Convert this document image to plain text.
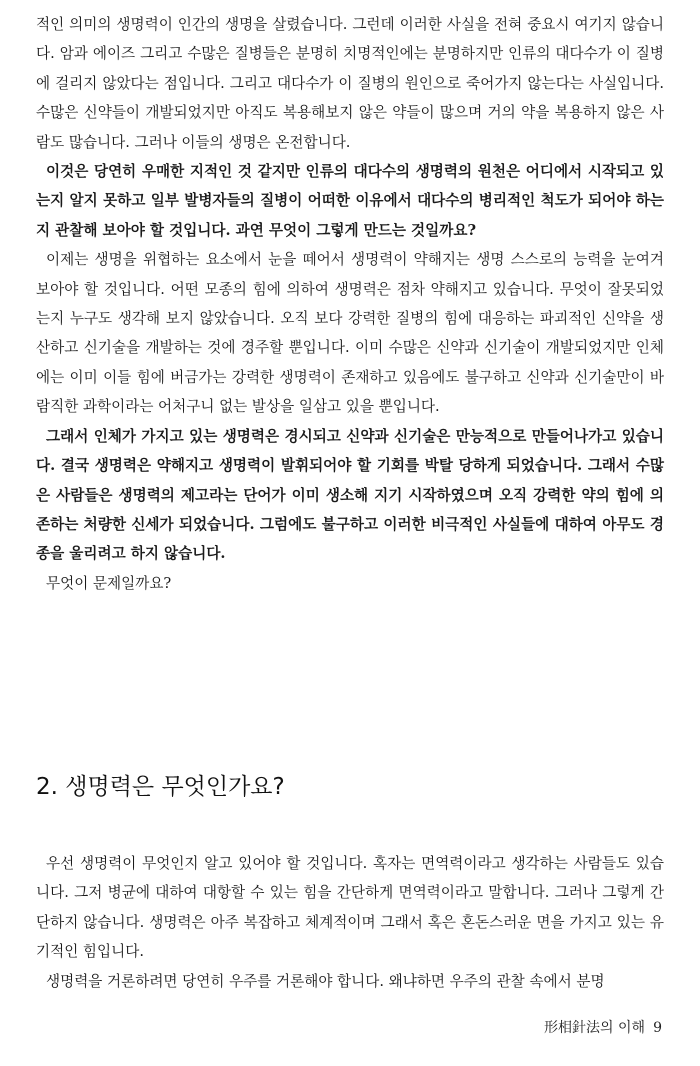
적인 의미의 생명력이 인간의 생명을 살렸습니다. 그런데 이러한 사실을 전혀 중요시 여기지 않습니다. 암과 에이즈 그리고 수많은 질병들은 분명히 치명적인에는 분명하지만 인류의 대다수가 이 질병에 걸리지 않았다는 점입니다. 그리고 대다수가 이 질병의 원인으로 죽어가지 않는다는 사실입니다. 수많은 신약들이 개발되었지만 아직도 복용해보지 않은 약들이 많으며 거의 약을 복용하지 않은 사람도 많습니다. 그러나 이들의 생명은 온전합니다.

이것은 당연히 우매한 지적인 것 같지만 인류의 대다수의 생명력의 원천은 어디에서 시작되고 있는지 알지 못하고 일부 발병자들의 질병이 어떠한 이유에서 대다수의 병리적인 척도가 되어야 하는지 관찰해 보아야 할 것입니다. 과연 무엇이 그렇게 만드는 것일까요?

이제는 생명을 위협하는 요소에서 눈을 떼어서 생명력이 약해지는 생명 스스로의 능력을 눈여겨 보아야 할 것입니다. 어떤 모종의 힘에 의하여 생명력은 점차 약해지고 있습니다. 무엇이 잘못되었는지 누구도 생각해 보지 않았습니다. 오직 보다 강력한 질병의 힘에 대응하는 파괴적인 신약을 생산하고 신기술을 개발하는 것에 경주할 뿐입니다. 이미 수많은 신약과 신기술이 개발되었지만 인체에는 이미 이들 힘에 버금가는 강력한 생명력이 존재하고 있음에도 불구하고 신약과 신기술만이 바람직한 과학이라는 어처구니 없는 발상을 일삼고 있을 뿐입니다.

그래서 인체가 가지고 있는 생명력은 경시되고 신약과 신기술은 만능적으로 만들어나가고 있습니다. 결국 생명력은 약해지고 생명력이 발휘되어야 할 기회를 박탈 당하게 되었습니다. 그래서 수많은 사람들은 생명력의 제고라는 단어가 이미 생소해 지기 시작하였으며 오직 강력한 약의 힘에 의존하는 처량한 신세가 되었습니다. 그럼에도 불구하고 이러한 비극적인 사실들에 대하여 아무도 경종을 울리려고 하지 않습니다.

무엇이 문제일까요?

2. 생명력은 무엇인가요?

우선 생명력이 무엇인지 알고 있어야 할 것입니다. 혹자는 면역력이라고 생각하는 사람들도 있습니다. 그저 병균에 대하여 대항할 수 있는 힘을 간단하게 면역력이라고 말합니다. 그러나 그렇게 간단하지 않습니다. 생명력은 아주 복잡하고 체계적이며 그래서 혹은 혼돈스러운 면을 가지고 있는 유기적인 힘입니다.

생명력을 거론하려면 당연히 우주를 거론해야 합니다. 왜냐하면 우주의 관찰 속에서 분명

形相針法의 이해 9
